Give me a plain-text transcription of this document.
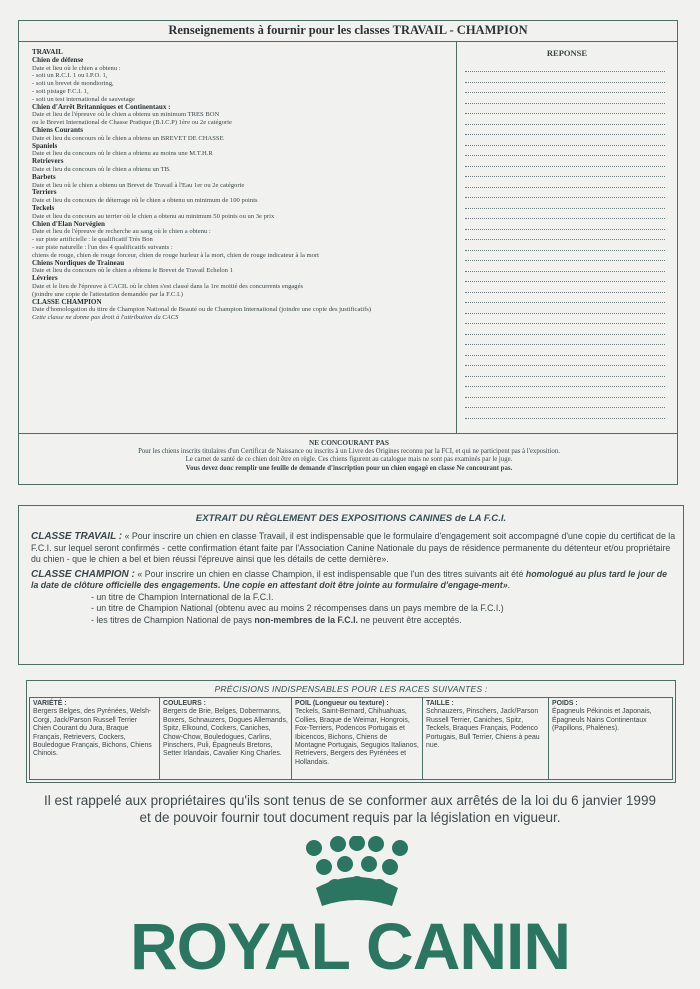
Renseignements à fournir pour les classes TRAVAIL - CHAMPION
REPONSE
TRAVAIL
Chien de défense
Date et lieu où le chien a obtenu :
- soit un R.C.I. 1 ou I.P.O. 1,
- soit un brevet de mondioring,
- soit pistage F.C.I. 1,
- soit un test international de sauvetage
Chien d'Arrêt Britanniques et Continentaux :
Date et lieu de l'épreuve où le chien a obtenu un minimum TRES BON
ou le Brevet International de Chasse Pratique (B.I.C.P) 1ère ou 2e catégorie
Chiens Courants
Date et lieu du concours où le chien a obtenu un BREVET DE CHASSE
Spaniels
Date et lieu du concours où le chien a obtenu au moins une M.T.H.R
Retrievers
Date et lieu du concours où le chien a obtenu un TB.
Barbets
Date et lieu où le chien a obtenu un Brevet de Travail à l'Eau 1er ou 2e catégorie
Terriers
Date et lieu du concours de déterrage où le chien a obtenu un minimum de 100 points
Teckels
Date et lieu du concours au terrier où le chien a obtenu au minimum 50 points ou un 3e prix
Chien d'Elan Norvégien
Date et lieu de l'épreuve de recherche au sang où le chien a obtenu :
- sur piste artificielle : le qualificatif Très Bon
- sur piste naturelle : l'un des 4 qualificatifs suivants :
chiens de rouge, chien de rouge forceur, chien de rouge hurleur à la mort, chien de rouge indicateur à la mort
Chiens Nordiques de Traineau
Date et lieu du concours où le chien a obtenu le Brevet de Travail Echelon 1
Lévriers
Date et le lieu de l'épreuve à CACIL où le chien s'est classé dans la 1re moitié des concurrents engagés
(joindre une copie de l'attestation demandée par la F.C.I.)
CLASSE CHAMPION
Date d'homologation du titre de Champion National de Beauté ou de Champion International (joindre une copie des justificatifs)
Cette classe ne donne pas droit à l'attribution du CACS
NE CONCOURANT PAS
Pour les chiens inscrits titulaires d'un Certificat de Naissance ou inscrits à un Livre des Origines reconnu par la FCI, et qui ne participent pas à l'exposition.
Le carnet de santé de ce chien doit être en règle. Ces chiens figurent au catalogue mais ne sont pas examinés par le juge.
Vous devez donc remplir une feuille de demande d'inscription pour un chien engagé en classe Ne concourant pas.
EXTRAIT DU RÈGLEMENT DES EXPOSITIONS CANINES de LA F.C.I.
CLASSE TRAVAIL : « Pour inscrire un chien en classe Travail, il est indispensable que le formulaire d'engagement soit accompagné d'une copie du certificat de la F.C.I. sur lequel seront confirmés - cette confirmation étant faite par l'Association Canine Nationale du pays de résidence permanente du détenteur et/ou propriétaire du chien - que le chien a bel et bien réussi l'épreuve ainsi que les détails de cette dernière».
CLASSE CHAMPION : « Pour inscrire un chien en classe Champion, il est indispensable que l'un des titres suivants ait été homologué au plus tard le jour de la date de clôture officielle des engagements. Une copie en attestant doit être jointe au formulaire d'engage-ment».
- un titre de Champion International de la F.C.I.
- un titre de Champion National (obtenu avec au moins 2 récompenses dans un pays membre de la F.C.I.)
- les titres de Champion National de pays non-membres de la F.C.I. ne peuvent être acceptés.
PRÉCISIONS INDISPENSABLES POUR LES RACES SUIVANTES :
VARIÉTÉ :
Bergers Belges, des Pyrénées, Welsh-Corgi, Jack/Parson Russell Terrier Chien Courant du Jura, Braque Français, Retrievers, Cockers, Bouledogue Français, Bichons, Chiens Chinois.
COULEURS :
Bergers de Brie, Belges, Dobermanns, Boxers, Schnauzers, Dogues Allemands, Spitz, Elkound, Cockers, Caniches, Chow-Chow, Bouledogues, Carlins, Pinschers, Puli, Épagneuls Bretons, Setter Irlandais, Cavalier King Charles.
POIL (Longueur ou texture) :
Teckels, Saint-Bernard, Chihuahuas, Collies, Braque de Weimar, Hongrois, Fox-Terriers, Podencos Portugais et Ibicencos, Bichons, Chiens de Montagne Portugais, Segugios Italianos, Retrievers, Bergers des Pyrénées et Hollandais.
TAILLE :
Schnauzers, Pinschers, Jack/Parson Russell Terrier, Caniches, Spitz, Teckels, Braques Français, Podenco Portugais, Bull Terrier, Chiens à peau nue.
POIDS :
Épagneuls Pékinois et Japonais, Épagneuls Nains Continentaux (Papillons, Phalènes).
Il est rappelé aux propriétaires qu'ils sont tenus de se conformer aux arrêtés de la loi du 6 janvier 1999
et de pouvoir fournir tout document requis par la législation en vigueur.
ROYAL CANIN
